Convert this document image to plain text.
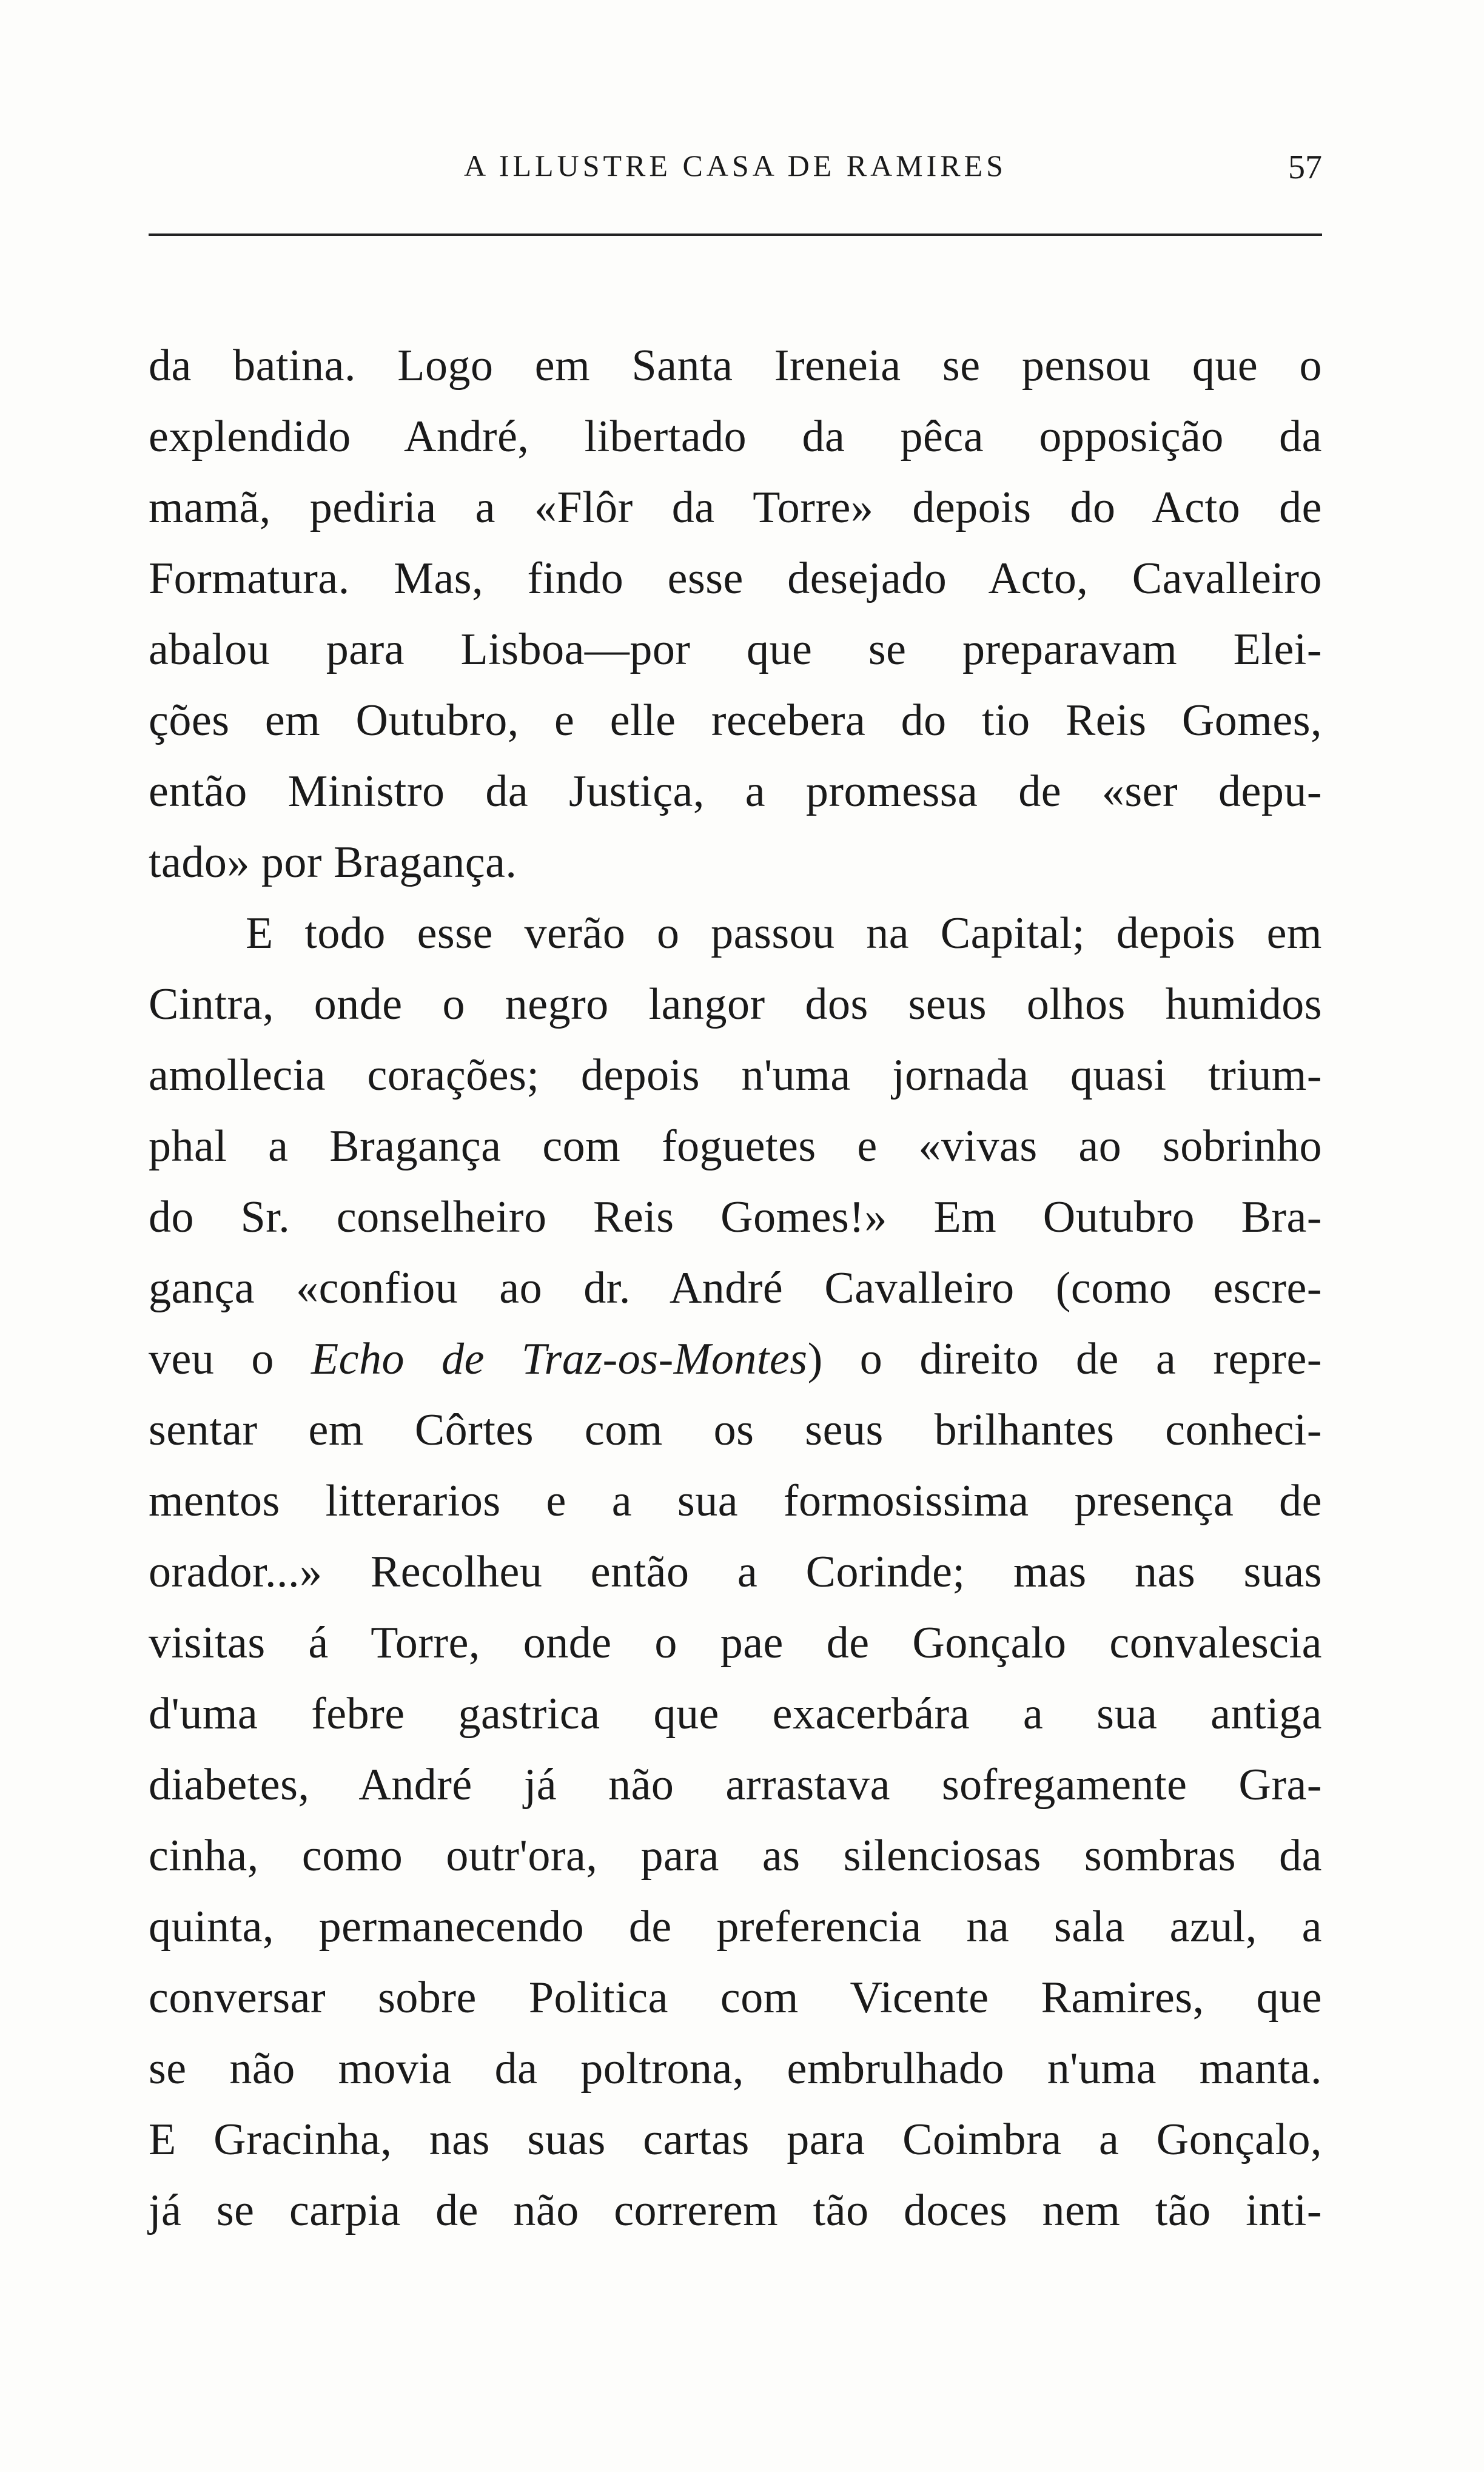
A ILLUSTRE CASA DE RAMIRES	57
da batina. Logo em Santa Ireneia se pensou que o
explendido André, libertado da pêca opposição da
mamã, pediria a «Flôr da Torre» depois do Acto de
Formatura. Mas, findo esse desejado Acto, Cavalleiro
abalou para Lisboa—por que se preparavam Elei-
ções em Outubro, e elle recebera do tio Reis Gomes,
então Ministro da Justiça, a promessa de «ser depu-
tado» por Bragança.
E todo esse verão o passou na Capital; depois em
Cintra, onde o negro langor dos seus olhos humidos
amollecia corações; depois n'uma jornada quasi trium-
phal a Bragança com foguetes e «vivas ao sobrinho
do Sr. conselheiro Reis Gomes!» Em Outubro Bra-
gança «confiou ao dr. André Cavalleiro (como escre-
veu o Echo de Traz-os-Montes) o direito de a repre-
sentar em Côrtes com os seus brilhantes conheci-
mentos litterarios e a sua formosissima presença de
orador...» Recolheu então a Corinde; mas nas suas
visitas á Torre, onde o pae de Gonçalo convalescia
d'uma febre gastrica que exacerbára a sua antiga
diabetes, André já não arrastava sofregamente Gra-
cinha, como outr'ora, para as silenciosas sombras da
quinta, permanecendo de preferencia na sala azul, a
conversar sobre Politica com Vicente Ramires, que
se não movia da poltrona, embrulhado n'uma manta.
E Gracinha, nas suas cartas para Coimbra a Gonçalo,
já se carpia de não correrem tão doces nem tão inti-
